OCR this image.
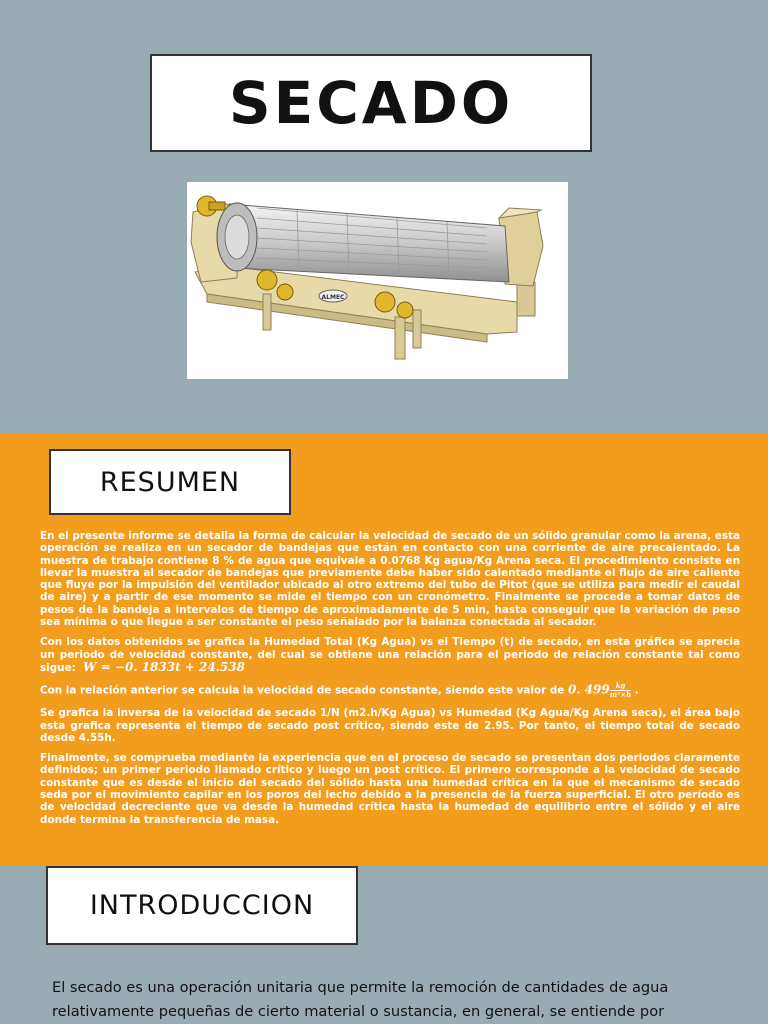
SECADO
ALMEC
RESUMEN

En el presente informe se detalla la forma de calcular la velocidad de secado de un sólido granular como la arena, esta operación se realiza en un secador de bandejas que están en contacto con una corriente de aire precalentado. La muestra de trabajo contiene 8 % de agua que equivale a 0.0768 Kg agua/Kg Arena seca. El procedimiento consiste en llevar la muestra al secador de bandejas que previamente debe haber sido calentado mediante el flujo de aire caliente que fluye por la impulsión del ventilador ubicado al otro extremo del tubo de Pitot (que se utiliza para medir el caudal de aire) y a partir de ese momento se mide el tiempo con un cronómetro. Finalmente se procede a tomar datos de pesos de la bandeja a intervalos de tiempo de aproximadamente de 5 min, hasta conseguir que la variación de peso sea mínima o que llegue a ser constante el peso señalado por la balanza conectada al secador.

Con los datos obtenidos se grafica la Humedad Total (Kg Agua) vs el Tiempo (t) de secado, en esta gráfica se aprecia un periodo de velocidad constante, del cual se obtiene una relación para el periodo de relación constante tal como sigue: W = −0. 1833t + 24.538

Con la relación anterior se calcula la velocidad de secado constante, siendo este valor de 0. $499 \frac{kg}{\text{m²×h}}$ .

Se grafica la inversa de la velocidad de secado 1/N (m2.h/Kg Agua) vs Humedad (Kg Agua/Kg Arena seca), el área bajo esta grafica representa el tiempo de secado post crítico, siendo este de 2.95. Por tanto, el tiempo total de secado desde 4.55h.

Finalmente, se comprueba mediante la experiencia que en el proceso de secado se presentan dos periodos claramente definidos; un primer periodo llamado crítico y luego un post crítico. El primero corresponde a la velocidad de secado constante que es desde el inicio del secado del sólido hasta una humedad crítica en la que el mecanismo de secado seda por el movimiento capilar en los poros del lecho debido a la presencia de la fuerza superficial. El otro período es de velocidad decreciente que va desde la humedad crítica hasta la humedad de equilibrio entre el sólido y el aire donde termina la transferencia de masa.

INTRODUCCION

El secado es una operación unitaria que permite la remoción de cantidades de agua

relativamente pequeñas de cierto material o sustancia, en general, se entiende por
